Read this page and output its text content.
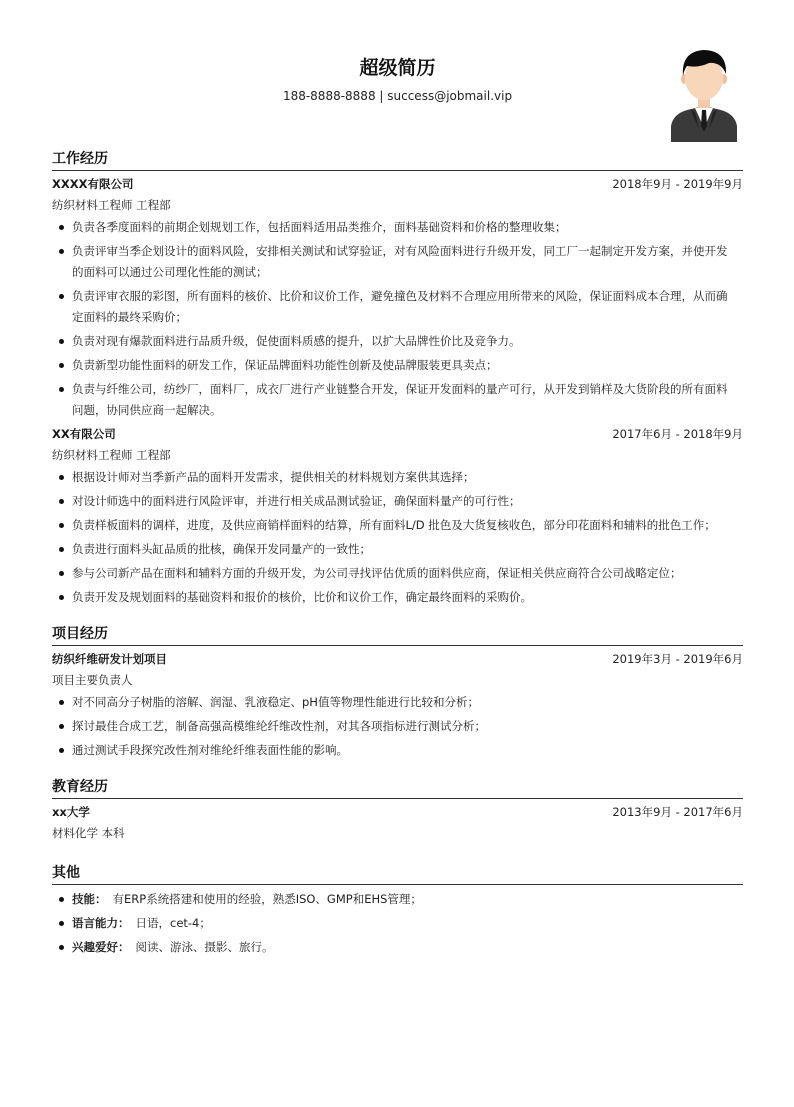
超级简历
188-8888-8888 | success@jobmail.vip
工作经历
XXXX有限公司	2018年9月 - 2019年9月
纺织材料工程师 工程部
负责各季度面料的前期企划规划工作，包括面料适用品类推介，面料基础资料和价格的整理收集；
负责评审当季企划设计的面料风险，安排相关测试和试穿验证，对有风险面料进行升级开发，同工厂一起制定开发方案，并使开发的面料可以通过公司理化性能的测试；
负责评审衣服的彩图，所有面料的核价、比价和议价工作，避免撞色及材料不合理应用所带来的风险，保证面料成本合理，从而确定面料的最终采购价；
负责对现有爆款面料进行品质升级，促使面料质感的提升，以扩大品牌性价比及竞争力。
负责新型功能性面料的研发工作，保证品牌面料功能性创新及使品牌服装更具卖点；
负责与纤维公司，纺纱厂，面料厂，成衣厂进行产业链整合开发，保证开发面料的量产可行，从开发到销样及大货阶段的所有面料问题，协同供应商一起解决。
XX有限公司	2017年6月 - 2018年9月
纺织材料工程师 工程部
根据设计师对当季新产品的面料开发需求，提供相关的材料规划方案供其选择；
对设计师选中的面料进行风险评审，并进行相关成品测试验证，确保面料量产的可行性；
负责样板面料的调样，进度，及供应商销样面料的结算，所有面料L/D 批色及大货复核收色，部分印花面料和辅料的批色工作；
负责进行面料头缸品质的批核，确保开发同量产的一致性；
参与公司新产品在面料和辅料方面的升级开发，为公司寻找评估优质的面料供应商，保证相关供应商符合公司战略定位；
负责开发及规划面料的基础资料和报价的核价，比价和议价工作，确定最终面料的采购价。
项目经历
纺织纤维研发计划项目	2019年3月 - 2019年6月
项目主要负责人
对不同高分子树脂的溶解、润湿、乳液稳定、pH值等物理性能进行比较和分析；
探讨最佳合成工艺，制备高强高模维纶纤维改性剂，对其各项指标进行测试分析；
通过测试手段探究改性剂对维纶纤维表面性能的影响。
教育经历
xx大学	2013年9月 - 2017年6月
材料化学 本科
其他
技能： 有ERP系统搭建和使用的经验，熟悉ISO、GMP和EHS管理；
语言能力： 日语，cet-4；
兴趣爱好： 阅读、游泳、摄影、旅行。
